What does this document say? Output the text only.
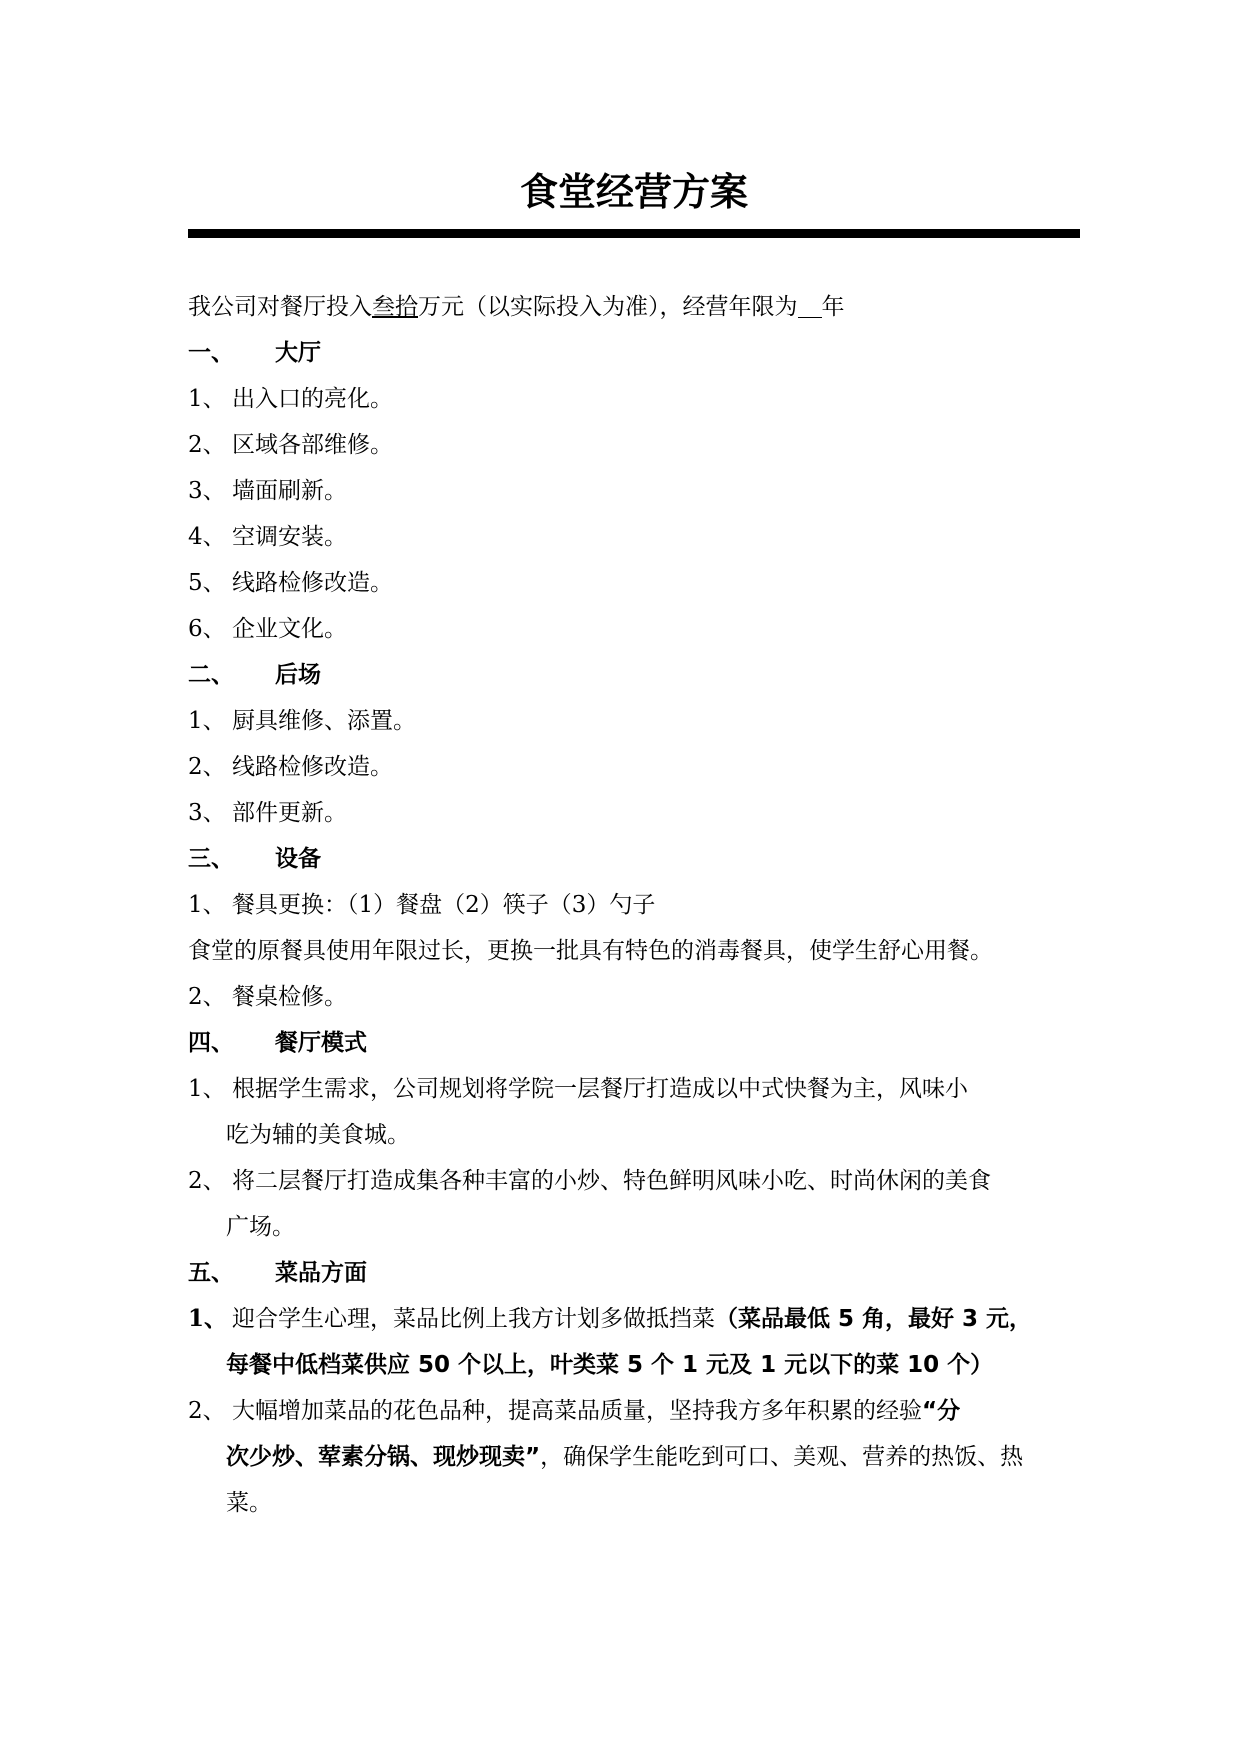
食堂经营方案
我公司对餐厅投入叁拾万元（以实际投入为准），经营年限为 年
一、 大厅
1、 出入口的亮化。
2、 区域各部维修。
3、 墙面刷新。
4、 空调安装。
5、 线路检修改造。
6、 企业文化。
二、 后场
1、 厨具维修、添置。
2、 线路检修改造。
3、 部件更新。
三、 设备
1、 餐具更换：（1）餐盘（2）筷子（3）勺子
食堂的原餐具使用年限过长，更换一批具有特色的消毒餐具，使学生舒心用餐。
2、 餐桌检修。
四、 餐厅模式
1、 根据学生需求，公司规划将学院一层餐厅打造成以中式快餐为主，风味小
吃为辅的美食城。
2、 将二层餐厅打造成集各种丰富的小炒、特色鲜明风味小吃、时尚休闲的美食
广场。
五、 菜品方面
1、 迎合学生心理，菜品比例上我方计划多做抵挡菜（菜品最低 5 角，最好 3 元，
每餐中低档菜供应 50 个以上，叶类菜 5 个 1 元及 1 元以下的菜 10 个）
2、 大幅增加菜品的花色品种，提高菜品质量，坚持我方多年积累的经验“分
次少炒、荤素分锅、现炒现卖”，确保学生能吃到可口、美观、营养的热饭、热
菜。
